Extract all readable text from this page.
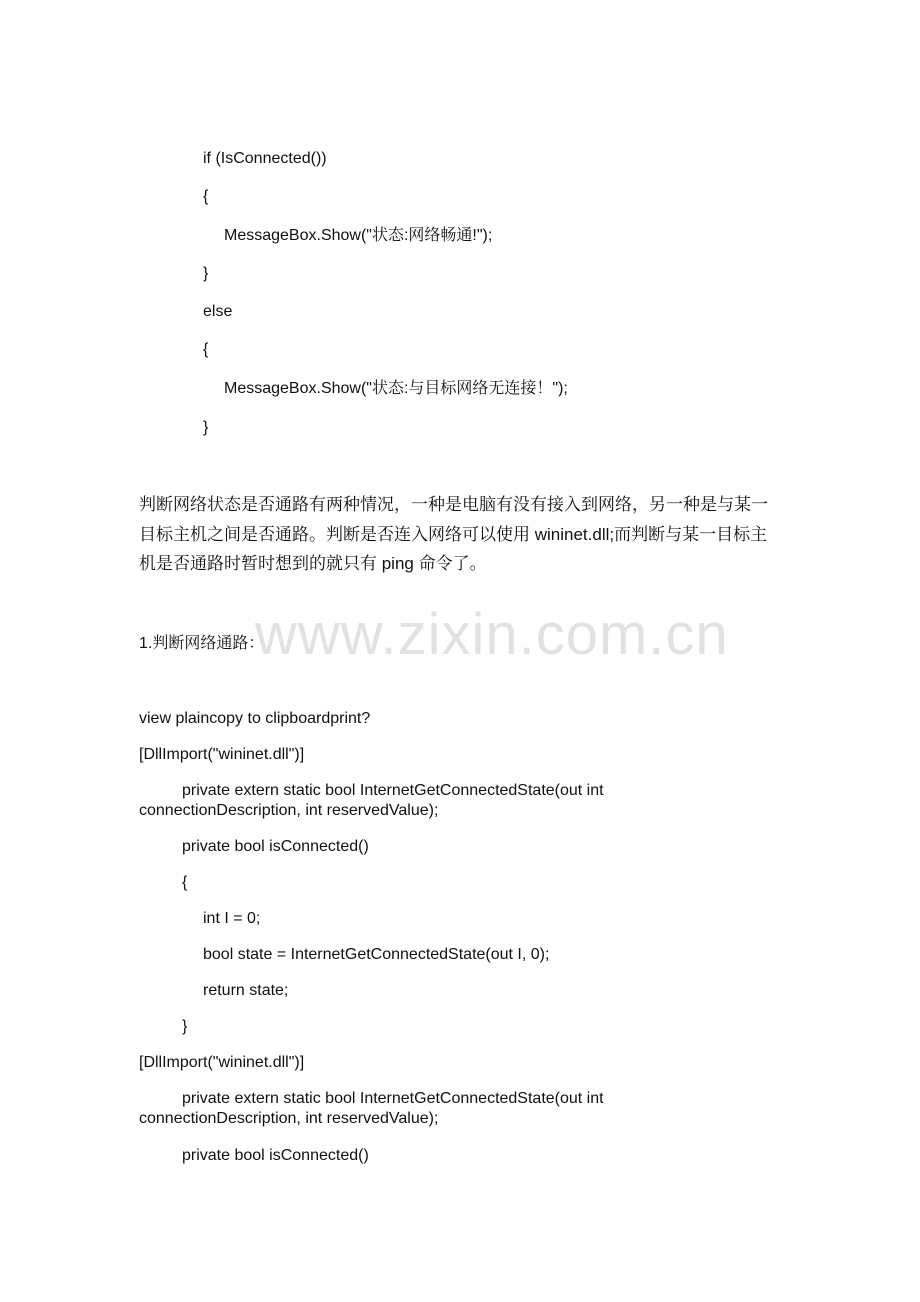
if (IsConnected())
{
MessageBox.Show("状态:网络畅通!");
}
else
{
MessageBox.Show("状态:与目标网络无连接！");
}
判断网络状态是否通路有两种情况，一种是电脑有没有接入到网络，另一种是与某一
目标主机之间是否通路。判断是否连入网络可以使用 wininet.dll;而判断与某一目标主
机是否通路时暂时想到的就只有 ping 命令了。
1.判断网络通路：
www.zixin.com.cn
view plaincopy to clipboardprint?
[DllImport("wininet.dll")]
private extern static bool InternetGetConnectedState(out int
connectionDescription, int reservedValue);
private bool isConnected()
{
int I = 0;
bool state = InternetGetConnectedState(out I, 0);
return state;
}
[DllImport("wininet.dll")]
private extern static bool InternetGetConnectedState(out int
connectionDescription, int reservedValue);
private bool isConnected()
